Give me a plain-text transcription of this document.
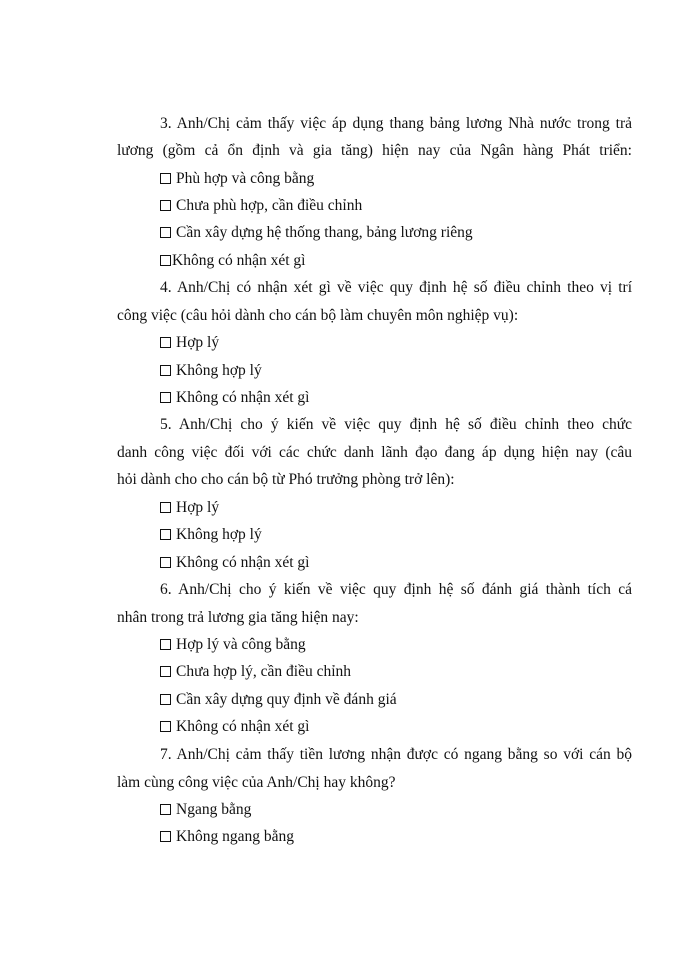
3. Anh/Chị cảm thấy việc áp dụng thang bảng lương Nhà nước trong trả
lương (gồm cả ổn định và gia tăng) hiện nay của Ngân hàng Phát triển:
Phù hợp và công bằng
Chưa phù hợp, cần điều chỉnh
Cần xây dựng hệ thống thang, bảng lương riêng
Không có nhận xét gì
4. Anh/Chị có nhận xét gì về việc quy định hệ số điều chỉnh theo vị trí
công việc (câu hỏi dành cho cán bộ làm chuyên môn nghiệp vụ):
Hợp lý
Không hợp lý
Không có nhận xét gì
5. Anh/Chị cho ý kiến về việc quy định hệ số điều chỉnh theo chức
danh công việc đối với các chức danh lãnh đạo đang áp dụng hiện nay (câu
hỏi dành cho cho cán bộ từ Phó trưởng phòng trở lên):
Hợp lý
Không hợp lý
Không có nhận xét gì
6. Anh/Chị cho ý kiến về việc quy định hệ số đánh giá thành tích cá
nhân trong trả lương gia tăng hiện nay:
Hợp lý và công bằng
Chưa hợp lý, cần điều chỉnh
Cần xây dựng quy định về đánh giá
Không có nhận xét gì
7. Anh/Chị cảm thấy tiền lương nhận được có ngang bằng so với cán bộ
làm cùng công việc của Anh/Chị hay không?
Ngang bằng
Không ngang bằng
